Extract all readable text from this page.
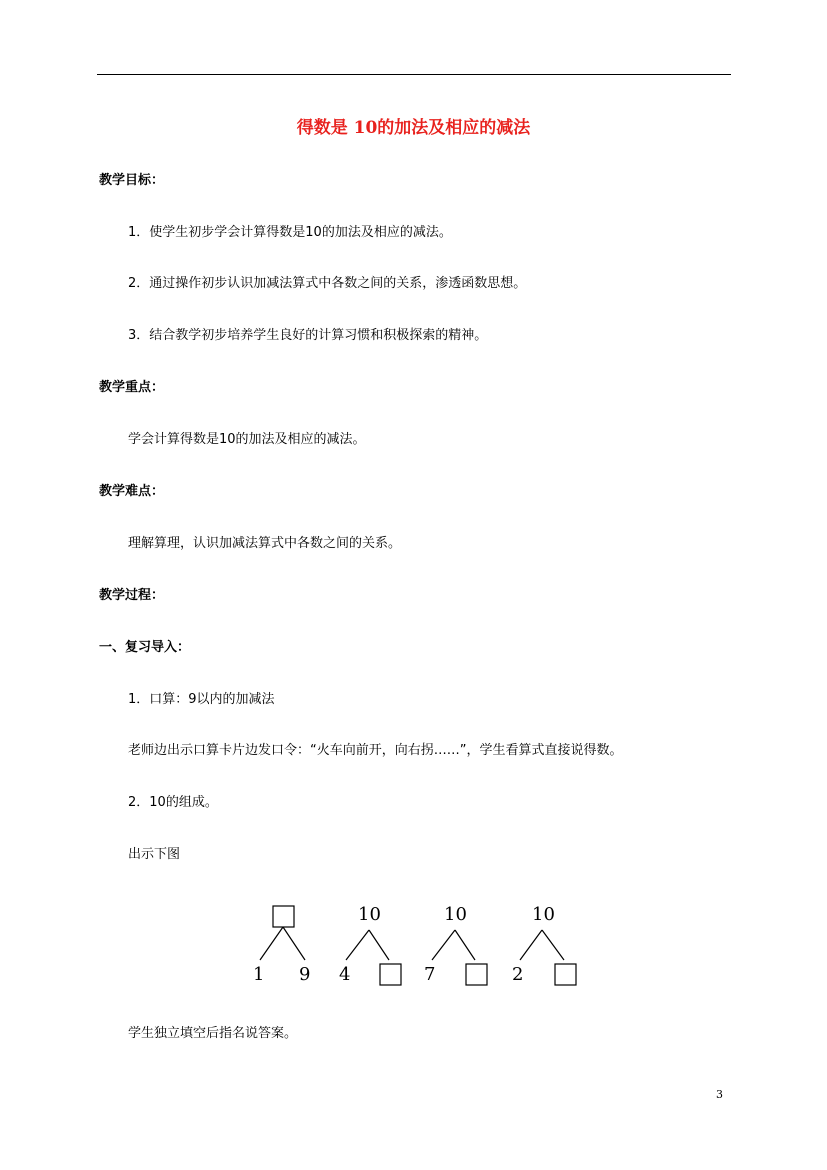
得数是 10的加法及相应的减法
教学目标：
1．使学生初步学会计算得数是10的加法及相应的减法。
2．通过操作初步认识加减法算式中各数之间的关系，渗透函数思想。
3．结合教学初步培养学生良好的计算习惯和积极探索的精神。
教学重点：
学会计算得数是10的加法及相应的减法。
教学难点：
理解算理，认识加减法算式中各数之间的关系。
教学过程：
一、复习导入：
1．口算：9以内的加减法
老师边出示口算卡片边发口令：“火车向前开，向右拐……”，学生看算式直接说得数。
2．10的组成。
出示下图
1 9
10
4
10
7
10
2
学生独立填空后指名说答案。
3
